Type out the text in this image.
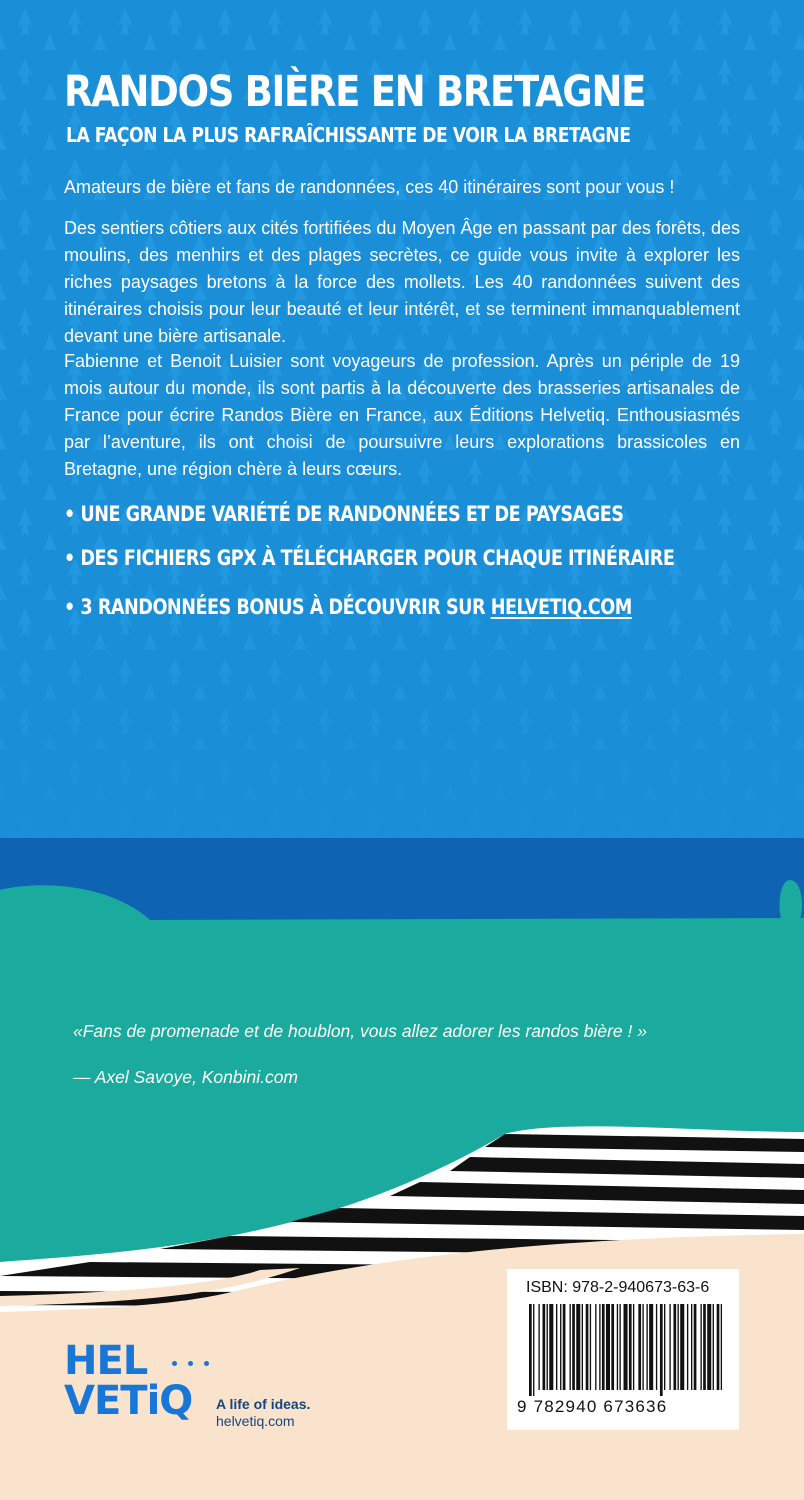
RANDOS BIÈRE EN BRETAGNE
LA FAÇON LA PLUS RAFRAÎCHISSANTE DE VOIR LA BRETAGNE
Amateurs de bière et fans de randonnées, ces 40 itinéraires sont pour vous !
Des sentiers côtiers aux cités fortifiées du Moyen Âge en passant par des forêts, des moulins, des menhirs et des plages secrètes, ce guide vous invite à explorer les riches paysages bretons à la force des mollets. Les 40 randonnées suivent des itinéraires choisis pour leur beauté et leur intérêt, et se terminent immanquablement devant une bière artisanale.
Fabienne et Benoit Luisier sont voyageurs de profession. Après un périple de 19 mois autour du monde, ils sont partis à la découverte des brasseries artisanales de France pour écrire Randos Bière en France, aux Éditions Helvetiq. Enthousiasmés par l’aventure, ils ont choisi de poursuivre leurs explorations brassicoles en Bretagne, une région chère à leurs cœurs.
• UNE GRANDE VARIÉTÉ DE RANDONNÉES ET DE PAYSAGES
• DES FICHIERS GPX À TÉLÉCHARGER POUR CHAQUE ITINÉRAIRE
• 3 RANDONNÉES BONUS À DÉCOUVRIR SUR HELVETIQ.COM
«Fans de promenade et de houblon, vous allez adorer les randos bière ! »
— Axel Savoye, Konbini.com
HEL
VETiQ A life of ideas.
helvetiq.com
ISBN: 978-2-940673-63-6
9 782940 673636
